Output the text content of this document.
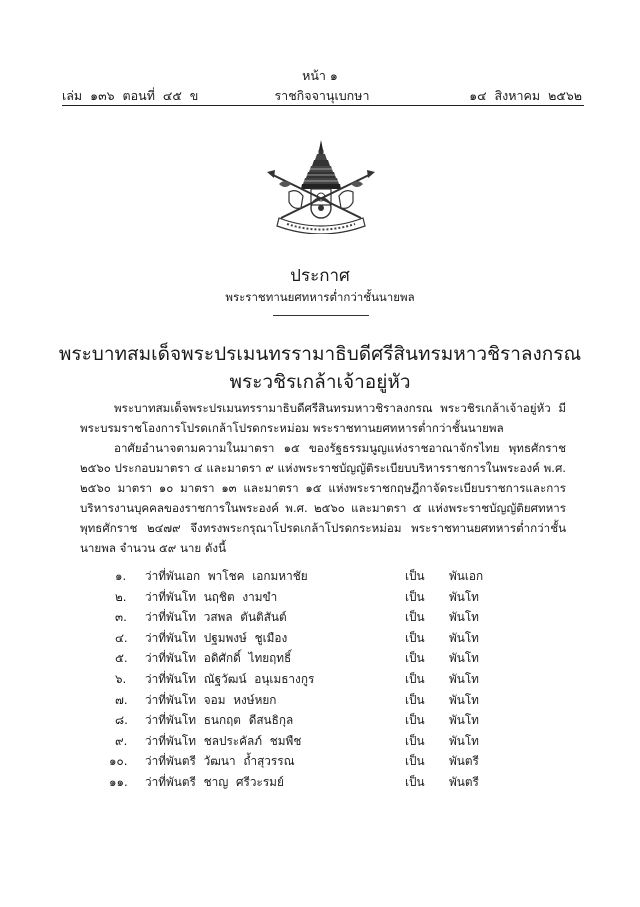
หน้า ๑
ราชกิจจานุเบกษา
เล่ม ๑๓๖ ตอนที่ ๔๕ ข	๑๔ สิงหาคม ๒๕๖๒
ประกาศ
พระราชทานยศทหารต่ำกว่าชั้นนายพล
พระบาทสมเด็จพระปรเมนทรรามาธิบดีศรีสินทรมหาวชิราลงกรณ
พระวชิรเกล้าเจ้าอยู่หัว

พระบาทสมเด็จพระปรเมนทรรามาธิบดีศรีสินทรมหาวชิราลงกรณ พระวชิรเกล้าเจ้าอยู่หัว มีพระบรมราชโองการโปรดเกล้าโปรดกระหม่อม พระราชทานยศทหารต่ำกว่าชั้นนายพล

อาศัยอำนาจตามความในมาตรา ๑๕ ของรัฐธรรมนูญแห่งราชอาณาจักรไทย พุทธศักราช ๒๕๖๐ ประกอบมาตรา ๔ และมาตรา ๙ แห่งพระราชบัญญัติระเบียบบริหารราชการในพระองค์ พ.ศ. ๒๕๖๐ มาตรา ๑๐ มาตรา ๑๓ และมาตรา ๑๕ แห่งพระราชกฤษฎีกาจัดระเบียบราชการและการบริหารงานบุคคลของราชการในพระองค์ พ.ศ. ๒๕๖๐ และมาตรา ๕ แห่งพระราชบัญญัติยศทหาร พุทธศักราช ๒๔๗๙ จึงทรงพระกรุณาโปรดเกล้าโปรดกระหม่อม พระราชทานยศทหารต่ำกว่าชั้นนายพล จำนวน ๕๙ นาย ดังนี้

๑.	ว่าที่พันเอก พาโชค เอกมหาชัย	เป็น พันเอก
๒.	ว่าที่พันโท นฤชิต งามขำ	เป็น พันโท
๓.	ว่าที่พันโท วสพล ตันติสันต์	เป็น พันโท
๔.	ว่าที่พันโท ปฐมพงษ์ ชูเมือง	เป็น พันโท
๕.	ว่าที่พันโท อดิศักดิ์ ไทยฤทธิ์	เป็น พันโท
๖.	ว่าที่พันโท ณัฐวัฒน์ อนุเมธางกูร	เป็น พันโท
๗.	ว่าที่พันโท จอม หงษ์หยก	เป็น พันโท
๘.	ว่าที่พันโท ธนกฤต ดีสนธิกุล	เป็น พันโท
๙.	ว่าที่พันโท ชลประคัลภ์ ชมพืช	เป็น พันโท
๑๐.	ว่าที่พันตรี วัฒนา ถ้ำสุวรรณ	เป็น พันตรี
๑๑.	ว่าที่พันตรี ชาญ ศรีวะรมย์	เป็น พันตรี
